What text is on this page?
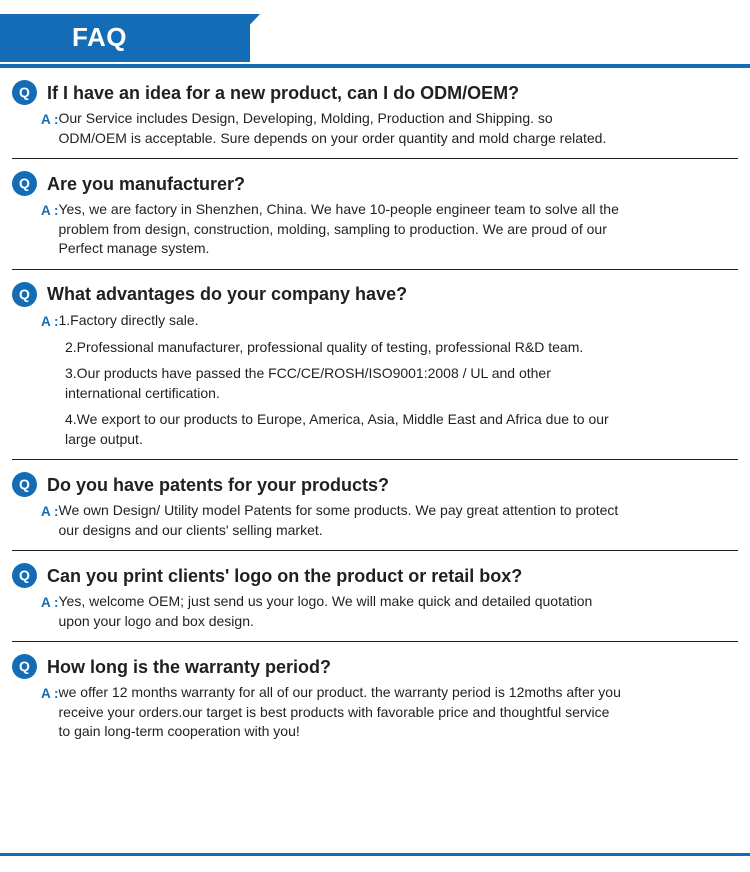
FAQ
Q If I have an idea for a new product, can I do ODM/OEM?
A : Our Service includes Design, Developing, Molding, Production and Shipping. so
ODM/OEM is acceptable. Sure depends on your order quantity and mold charge related.
Q Are you manufacturer?
A : Yes, we are factory in Shenzhen, China. We have 10-people engineer team to solve all the
problem from design, construction, molding, sampling to production. We are proud of our
Perfect manage system.
Q What advantages do your company have?
A : 1.Factory directly sale.
2.Professional manufacturer, professional quality of testing, professional R&D team.
3.Our products have passed the FCC/CE/ROSH/ISO9001:2008 / UL and other
international certification.
4.We export to our products to Europe, America, Asia, Middle East and Africa due to our
large output.
Q Do you have patents for your products?
A : We own Design/ Utility model Patents for some products. We pay great attention to protect
our designs and our clients' selling market.
Q Can you print clients' logo on the product or retail box?
A : Yes, welcome OEM; just send us your logo. We will make quick and detailed quotation
upon your logo and box design.
Q How long is the warranty period?
A : we offer 12 months warranty for all of our product. the warranty period is 12moths after you
receive your orders.our target is best products with favorable price and thoughtful service
to gain long-term cooperation with you!
